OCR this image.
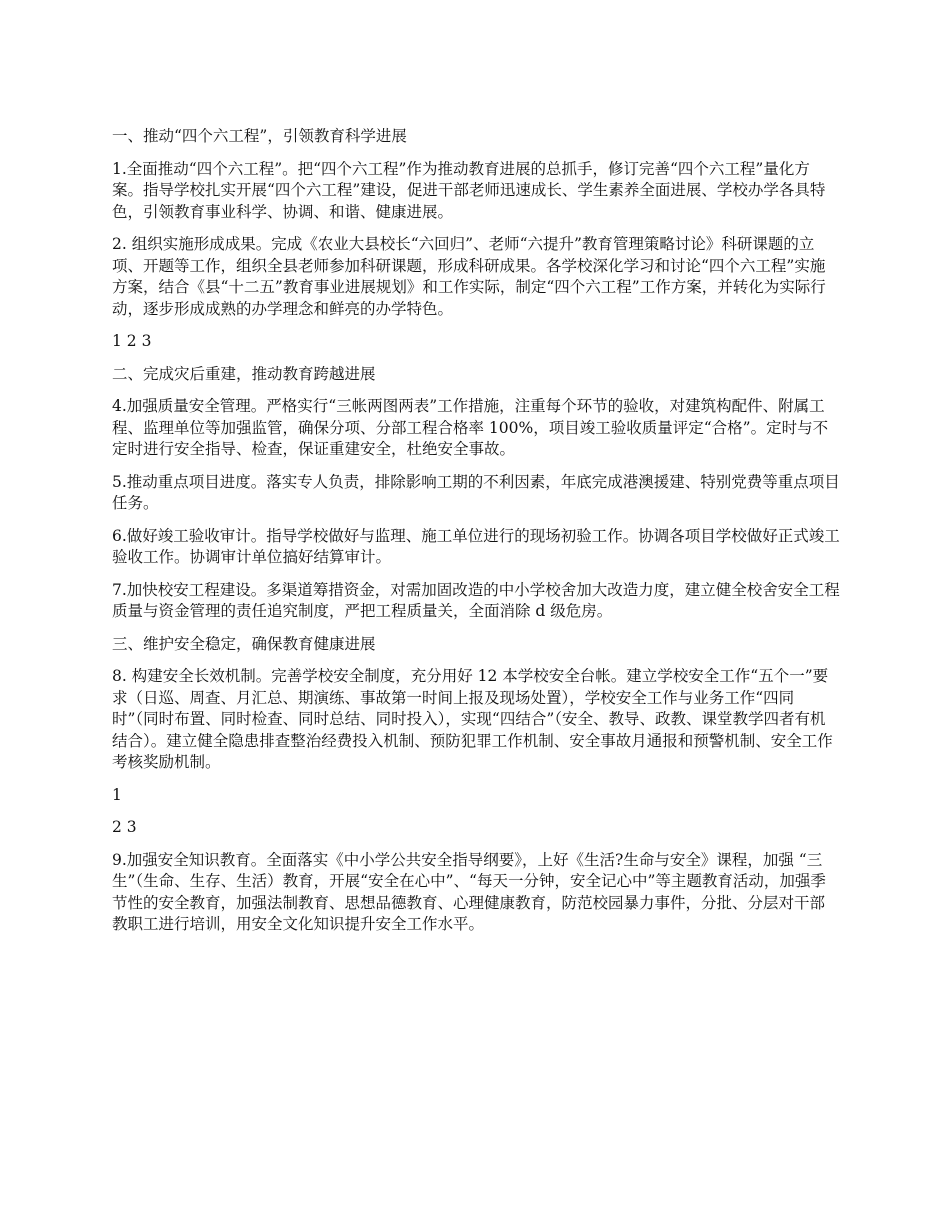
一、推动“四个六工程”，引领教育科学进展

1.全面推动“四个六工程”。把“四个六工程”作为推动教育进展的总抓手，修订完善“四个六工程”量化方案。指导学校扎实开展“四个六工程”建设，促进干部老师迅速成长、学生素养全面进展、学校办学各具特色，引领教育事业科学、协调、和谐、健康进展。

2. 组织实施形成成果。完成《农业大县校长“六回归”、老师“六提升”教育管理策略讨论》科研课题的立项、开题等工作，组织全县老师参加科研课题，形成科研成果。各学校深化学习和讨论“四个六工程”实施方案，结合《县“十二五”教育事业进展规划》和工作实际，制定“四个六工程”工作方案，并转化为实际行动，逐步形成成熟的办学理念和鲜亮的办学特色。

1 2 3

二、完成灾后重建，推动教育跨越进展

4.加强质量安全管理。严格实行“三帐两图两表”工作措施，注重每个环节的验收，对建筑构配件、附属工程、监理单位等加强监管，确保分项、分部工程合格率 100%，项目竣工验收质量评定“合格”。定时与不定时进行安全指导、检查，保证重建安全，杜绝安全事故。

5.推动重点项目进度。落实专人负责，排除影响工期的不利因素，年底完成港澳援建、特别党费等重点项目任务。

6.做好竣工验收审计。指导学校做好与监理、施工单位进行的现场初验工作。协调各项目学校做好正式竣工验收工作。协调审计单位搞好结算审计。

7.加快校安工程建设。多渠道筹措资金，对需加固改造的中小学校舍加大改造力度，建立健全校舍安全工程质量与资金管理的责任追究制度，严把工程质量关，全面消除 d 级危房。

三、维护安全稳定，确保教育健康进展

8. 构建安全长效机制。完善学校安全制度，充分用好 12 本学校安全台帐。建立学校安全工作“五个一”要求（日巡、周查、月汇总、期演练、事故第一时间上报及现场处置），学校安全工作与业务工作“四同时”（同时布置、同时检查、同时总结、同时投入），实现“四结合”（安全、教导、政教、课堂教学四者有机结合）。建立健全隐患排查整治经费投入机制、预防犯罪工作机制、安全事故月通报和预警机制、安全工作考核奖励机制。

1

2 3

9.加强安全知识教育。全面落实《中小学公共安全指导纲要》，上好《生活?生命与安全》课程，加强 “三生”（生命、生存、生活）教育，开展“安全在心中”、“每天一分钟，安全记心中”等主题教育活动，加强季节性的安全教育，加强法制教育、思想品德教育、心理健康教育，防范校园暴力事件，分批、分层对干部教职工进行培训，用安全文化知识提升安全工作水平。
